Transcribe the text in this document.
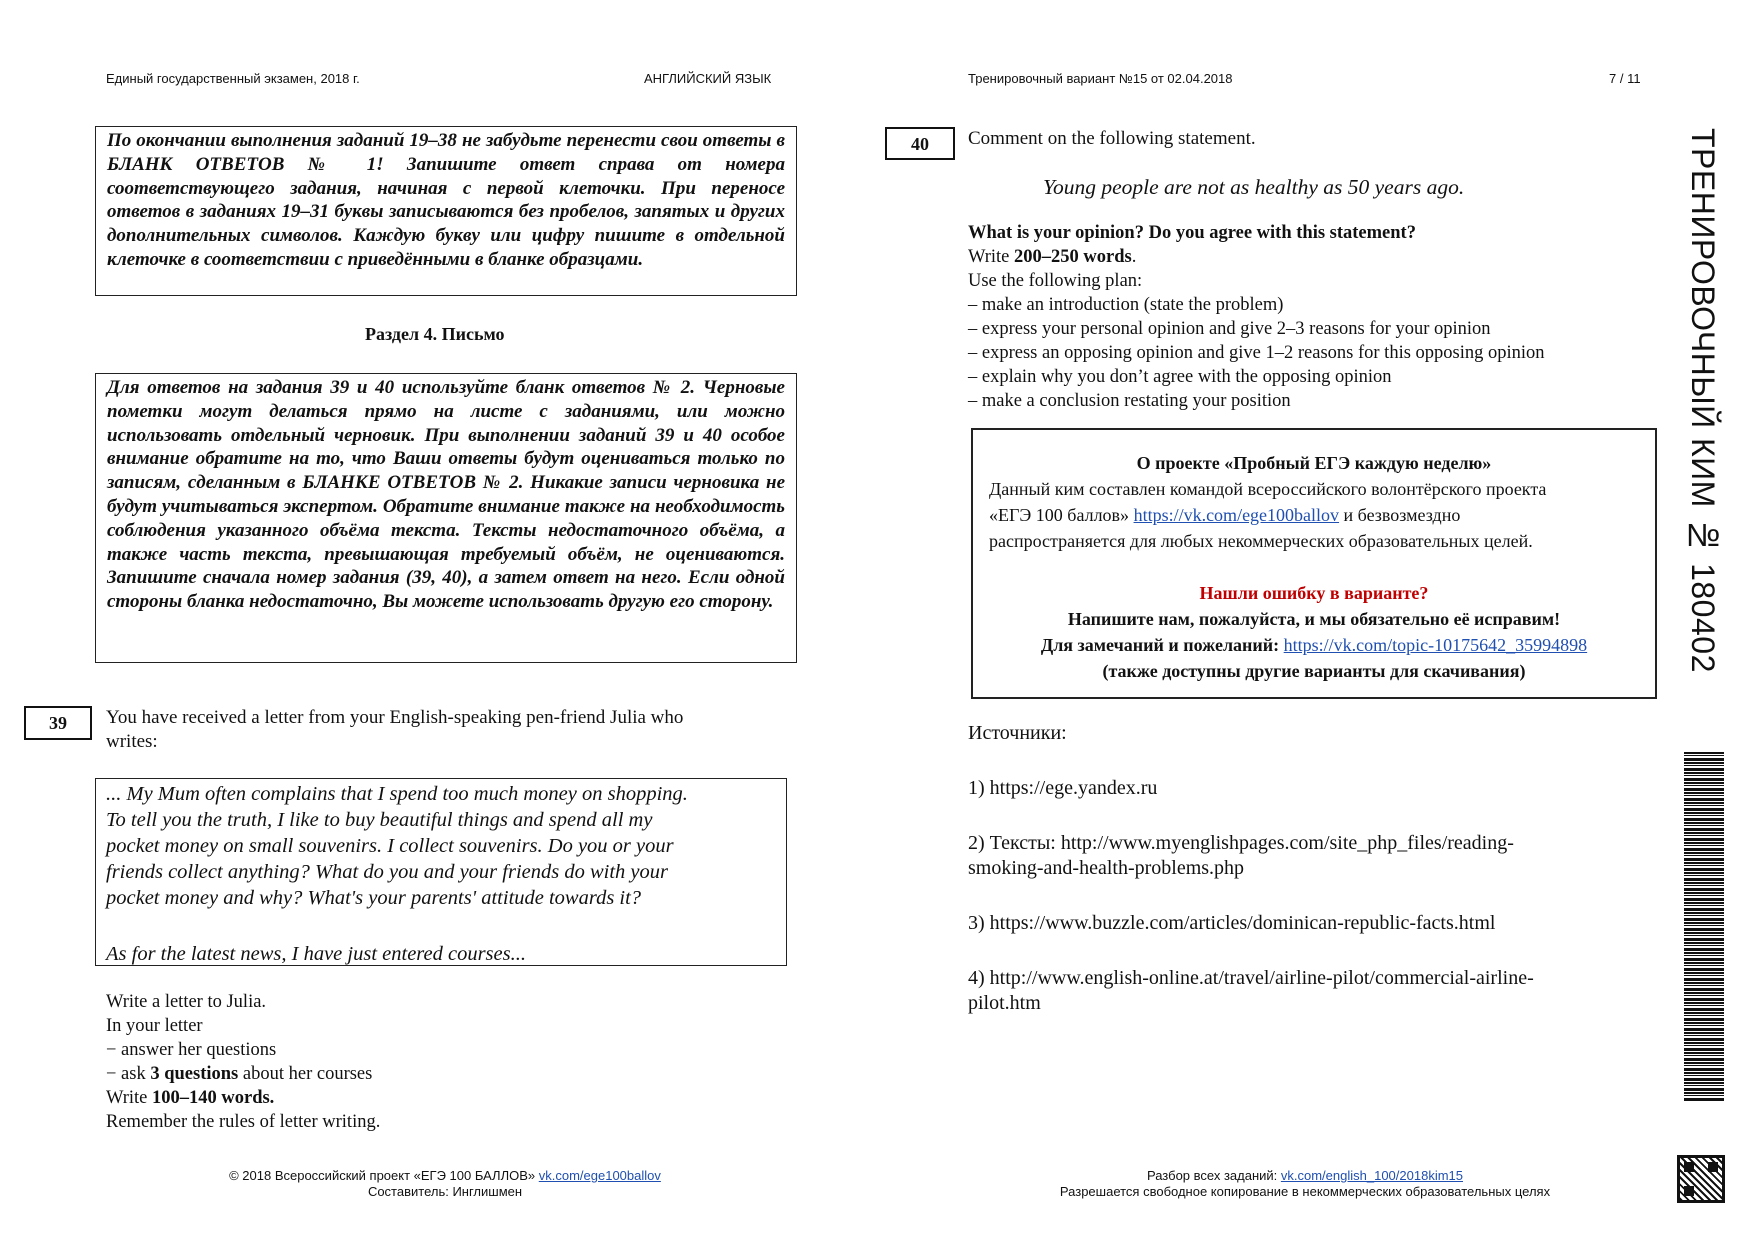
Единый государственный экзамен, 2018 г.	АНГЛИЙСКИЙ ЯЗЫК	Тренировочный вариант №15 от 02.04.2018	7 / 11
По окончании выполнения заданий 19–38 не забудьте перенести свои ответы в БЛАНК ОТВЕТОВ № 1! Запишите ответ справа от номера соответствующего задания, начиная с первой клеточки. При переносе ответов в заданиях 19–31 буквы записываются без пробелов, запятых и других дополнительных символов. Каждую букву или цифру пишите в отдельной клеточке в соответствии с приведёнными в бланке образцами.
Раздел 4. Письмо
Для ответов на задания 39 и 40 используйте бланк ответов № 2. Черновые пометки могут делаться прямо на листе с заданиями, или можно использовать отдельный черновик. При выполнении заданий 39 и 40 особое внимание обратите на то, что Ваши ответы будут оцениваться только по записям, сделанным в БЛАНКЕ ОТВЕТОВ № 2. Никакие записи черновика не будут учитываться экспертом. Обратите внимание также на необходимость соблюдения указанного объёма текста. Тексты недостаточного объёма, а также часть текста, превышающая требуемый объём, не оцениваются. Запишите сначала номер задания (39, 40), а затем ответ на него. Если одной стороны бланка недостаточно, Вы можете использовать другую его сторону.
39	You have received a letter from your English-speaking pen-friend Julia who
writes:
... My Mum often complains that I spend too much money on shopping.
To tell you the truth, I like to buy beautiful things and spend all my
pocket money on small souvenirs. I collect souvenirs. Do you or your
friends collect anything? What do you and your friends do with your
pocket money and why? What's your parents' attitude towards it?
As for the latest news, I have just entered courses...
Write a letter to Julia.
In your letter
− answer her questions
− ask 3 questions about her courses
Write 100–140 words.
Remember the rules of letter writing.
40	Comment on the following statement.
Young people are not as healthy as 50 years ago.
What is your opinion? Do you agree with this statement?
Write 200–250 words.
Use the following plan:
– make an introduction (state the problem)
– express your personal opinion and give 2–3 reasons for your opinion
– express an opposing opinion and give 1–2 reasons for this opposing opinion
– explain why you don’t agree with the opposing opinion
– make a conclusion restating your position
О проекте «Пробный ЕГЭ каждую неделю»
Данный ким составлен командой всероссийского волонтёрского проекта
«ЕГЭ 100 баллов» https://vk.com/ege100ballov и безвозмездно
распространяется для любых некоммерческих образовательных целей.
Нашли ошибку в варианте?
Напишите нам, пожалуйста, и мы обязательно её исправим!
Для замечаний и пожеланий: https://vk.com/topic-10175642_35994898
(также доступны другие варианты для скачивания)
Источники:
1) https://ege.yandex.ru
2) Тексты: http://www.myenglishpages.com/site_php_files/reading-
smoking-and-health-problems.php
3) https://www.buzzle.com/articles/dominican-republic-facts.html
4) http://www.english-online.at/travel/airline-pilot/commercial-airline-
pilot.htm
ТРЕНИРОВОЧНЫЙ КИМ № 180402
© 2018 Всероссийский проект «ЕГЭ 100 БАЛЛОВ» vk.com/ege100ballov
Составитель: Инглишмен
Разбор всех заданий: vk.com/english_100/2018kim15
Разрешается свободное копирование в некоммерческих образовательных целях
